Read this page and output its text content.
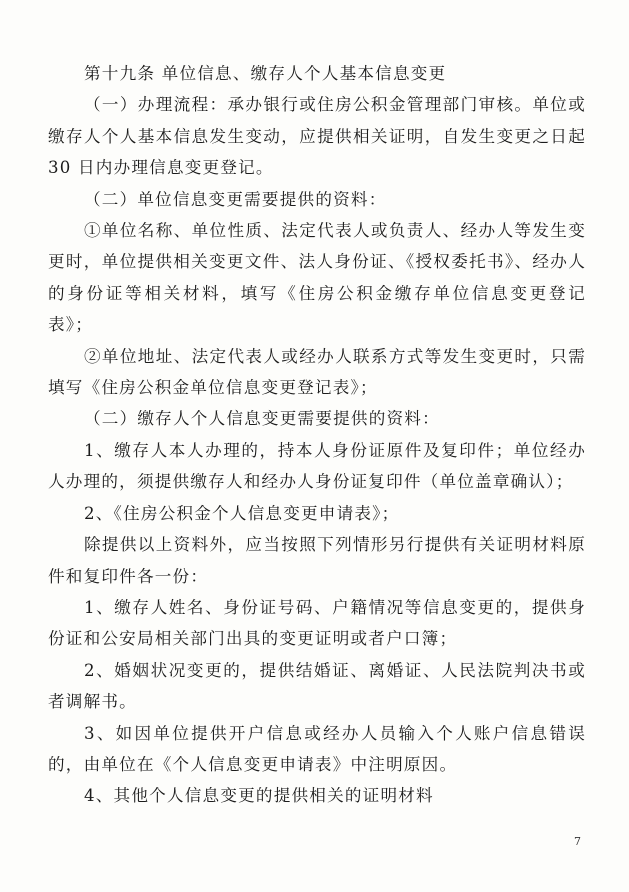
第十九条 单位信息、缴存人个人基本信息变更

（一）办理流程：承办银行或住房公积金管理部门审核。单位或缴存人个人基本信息发生变动，应提供相关证明，自发生变更之日起 30 日内办理信息变更登记。

（二）单位信息变更需要提供的资料：

①单位名称、单位性质、法定代表人或负责人、经办人等发生变更时，单位提供相关变更文件、法人身份证、《授权委托书》、经办人的身份证等相关材料，填写《住房公积金缴存单位信息变更登记表》；

②单位地址、法定代表人或经办人联系方式等发生变更时，只需填写《住房公积金单位信息变更登记表》；

（二）缴存人个人信息变更需要提供的资料：

1、缴存人本人办理的，持本人身份证原件及复印件；单位经办人办理的，须提供缴存人和经办人身份证复印件（单位盖章确认）；

2、《住房公积金个人信息变更申请表》；

除提供以上资料外，应当按照下列情形另行提供有关证明材料原件和复印件各一份：

1、缴存人姓名、身份证号码、户籍情况等信息变更的，提供身份证和公安局相关部门出具的变更证明或者户口簿；

2、婚姻状况变更的，提供结婚证、离婚证、人民法院判决书或者调解书。

3、如因单位提供开户信息或经办人员输入个人账户信息错误的，由单位在《个人信息变更申请表》中注明原因。

4、其他个人信息变更的提供相关的证明材料

7
